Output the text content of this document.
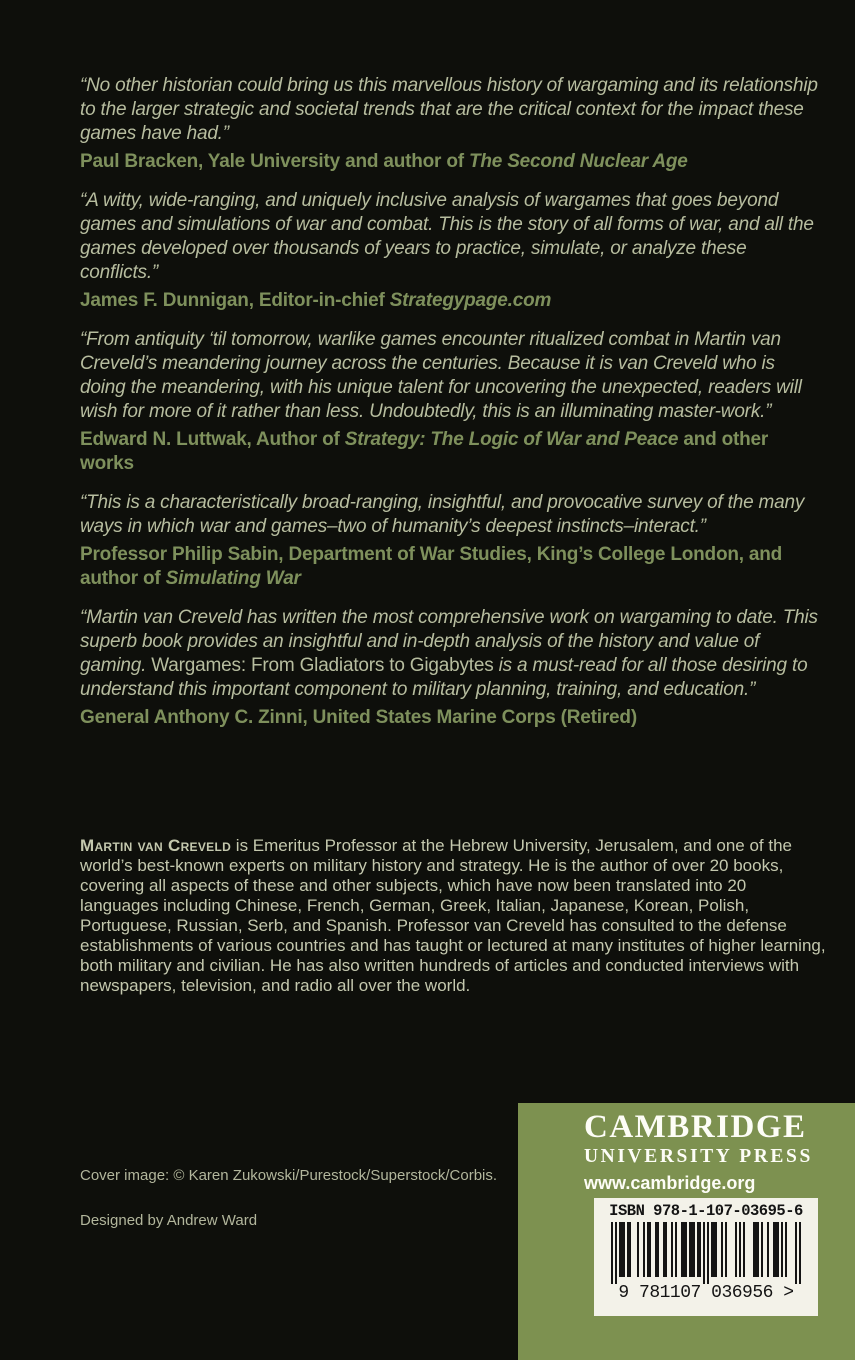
“No other historian could bring us this marvellous history of wargaming and its relationship to the larger strategic and societal trends that are the critical context for the impact these games have had.”

Paul Bracken, Yale University and author of The Second Nuclear Age

“A witty, wide-ranging, and uniquely inclusive analysis of wargames that goes beyond games and simulations of war and combat. This is the story of all forms of war, and all the games developed over thousands of years to practice, simulate, or analyze these conflicts.”

James F. Dunnigan, Editor-in-chief Strategypage.com

“From antiquity ‘til tomorrow, warlike games encounter ritualized combat in Martin van Creveld’s meandering journey across the centuries. Because it is van Creveld who is doing the meandering, with his unique talent for uncovering the unexpected, readers will wish for more of it rather than less. Undoubtedly, this is an illuminating master-work.”

Edward N. Luttwak, Author of Strategy: The Logic of War and Peace and other works

“This is a characteristically broad-ranging, insightful, and provocative survey of the many ways in which war and games–two of humanity’s deepest instincts–interact.”

Professor Philip Sabin, Department of War Studies, King’s College London, and author of Simulating War

“Martin van Creveld has written the most comprehensive work on wargaming to date. This superb book provides an insightful and in-depth analysis of the history and value of gaming. Wargames: From Gladiators to Gigabytes is a must-read for all those desiring to understand this important component to military planning, training, and education.”

General Anthony C. Zinni, United States Marine Corps (Retired)

Martin van Creveld is Emeritus Professor at the Hebrew University, Jerusalem, and one of the world’s best-known experts on military history and strategy. He is the author of over 20 books, covering all aspects of these and other subjects, which have now been translated into 20 languages including Chinese, French, German, Greek, Italian, Japanese, Korean, Polish, Portuguese, Russian, Serb, and Spanish. Professor van Creveld has consulted to the defense establishments of various countries and has taught or lectured at many institutes of higher learning, both military and civilian. He has also written hundreds of articles and conducted interviews with newspapers, television, and radio all over the world.

Cover image: © Karen Zukowski/Purestock/Superstock/Corbis.
Designed by Andrew Ward
CAMBRIDGE
UNIVERSITY PRESS
www.cambridge.org
ISBN 978-1-107-03695-6
9 781107 036956 >
